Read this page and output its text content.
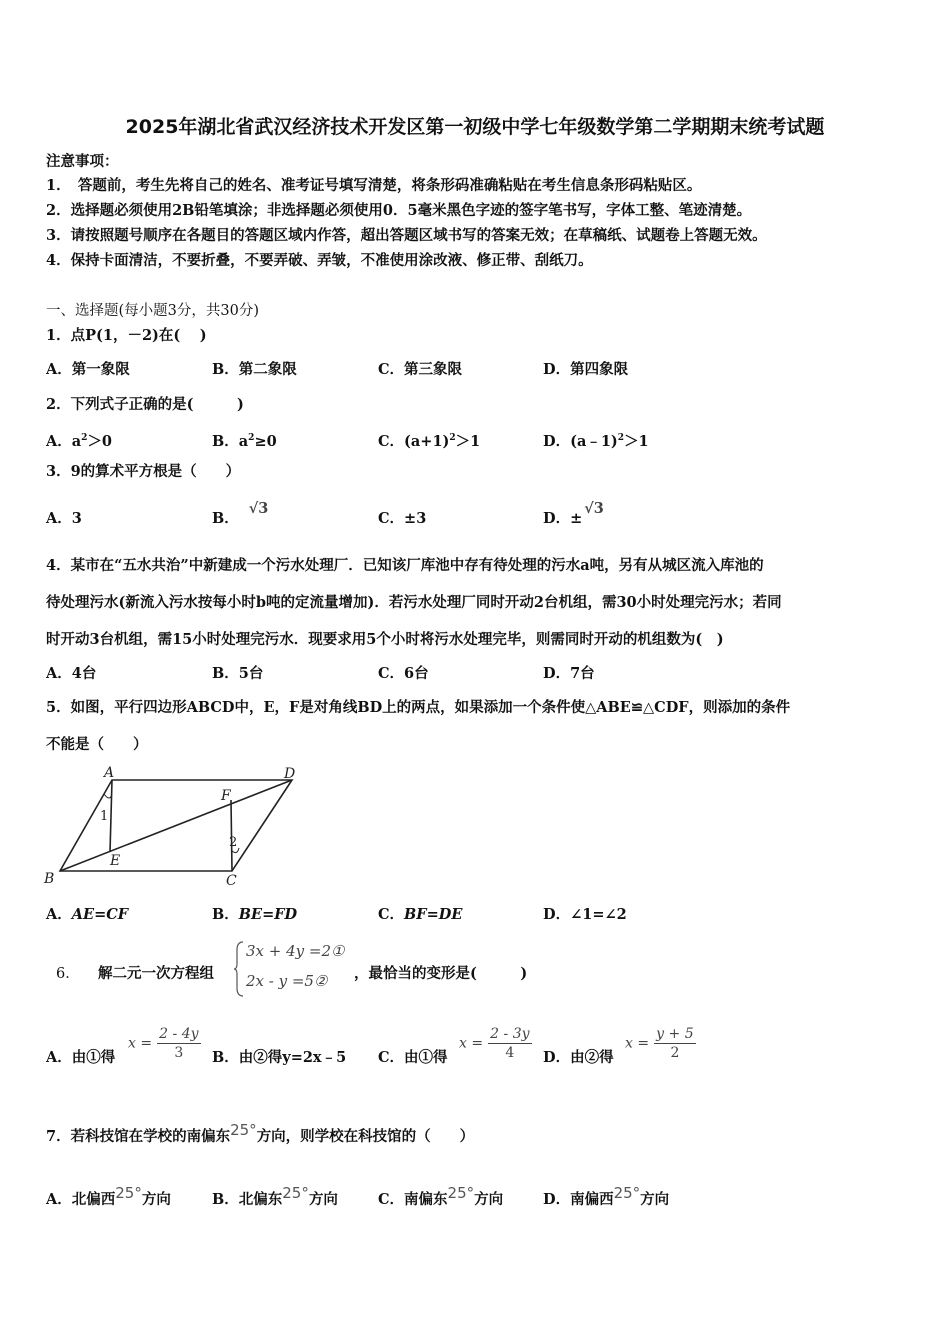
2025年湖北省武汉经济技术开发区第一初级中学七年级数学第二学期期末统考试题
注意事项：
1．　答题前，考生先将自己的姓名、准考证号填写清楚，将条形码准确粘贴在考生信息条形码粘贴区。
2．选择题必须使用2B铅笔填涂；非选择题必须使用0．5毫米黑色字迹的签字笔书写，字体工整、笔迹清楚。
3．请按照题号顺序在各题目的答题区域内作答，超出答题区域书写的答案无效；在草稿纸、试题卷上答题无效。
4．保持卡面清洁，不要折叠，不要弄破、弄皱，不准使用涂改液、修正带、刮纸刀。
一、选择题(每小题3分，共30分)
1．点P(1，－2)在(　 )
A．第一象限	B．第二象限	C．第三象限	D．第四象限
2．下列式子正确的是(　　　)
A．$a^2>0$	B．$a^2\ge 0$	C．$(a+1)^2>1$	D．(a﹣1)$^2$＞1
3．9的算术平方根是（　　）
A．3	B．√3
C．±3	D．±√3
4．某市在“五水共治”中新建成一个污水处理厂．已知该厂库池中存有待处理的污水a吨，另有从城区流入库池的
待处理污水(新流入污水按每小时b吨的定流量增加)．若污水处理厂同时开动2台机组，需30小时处理完污水；若同
时开动3台机组，需15小时处理完污水．现要求用5个小时将污水处理完毕，则需同时开动的机组数为(　)
A．4台	B．5台	C．6台	D．7台
5．如图，平行四边形ABCD中，E，F是对角线BD上的两点，如果添加一个条件使△ABE≌△CDF，则添加的条件
不能是（　　）
A	D
B	C
E
F
1
2
A．AE=CF	B．BE=FD	C．BF=DE	D．∠1=∠2
6． 解二元一次方程组
3x + 4y =2①
2x - y =5② ，最恰当的变形是(　　　)
A．由①得
$x = \frac{2 - 4y}{3}$ B．由②得y=2x﹣5 C．由①得
$x = \frac{2 - 3y}{4}$ D．由②得
$x = \frac{y + 5}{2}$
7．若科技馆在学校的南偏东25°方向，则学校在科技馆的（　　）
A．北偏西25°方向	B．北偏东25°方向	C．南偏东25°方向	D．南偏西25°方向
